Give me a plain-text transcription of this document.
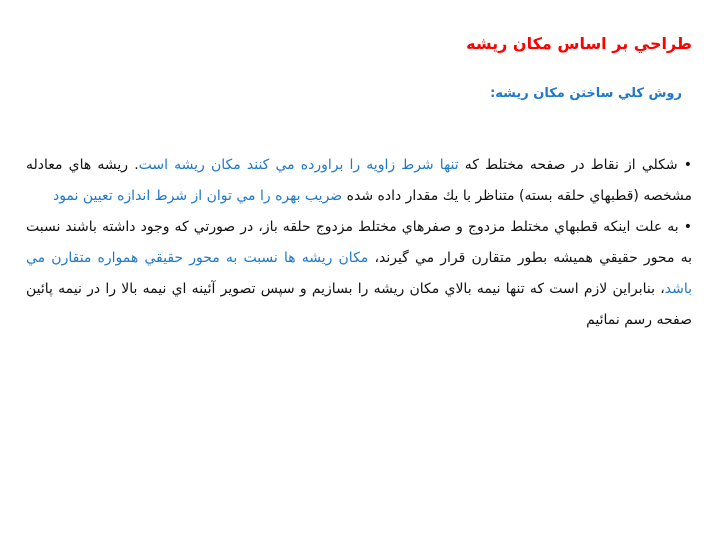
طراحي بر اساس مكان ريشه
روش كلي ساختن مكان ريشه:

• شكلي از نقاط در صفحه مختلط كه تنها شرط زاويه را براورده مي كنند مكان ريشه است. ريشه هاي معادله مشخصه (قطبهاي حلقه بسته) متناظر با يك مقدار داده شده ضريب بهره را مي توان از شرط اندازه تعيين نمود

• به علت اينكه قطبهاي مختلط مزدوج و صفرهاي مختلط مزدوج حلقه باز، در صورتي كه وجود داشته باشند نسبت به محور حقيقي هميشه بطور متقارن قرار مي گيرند، مكان ريشه ها نسبت به محور حقيقي همواره متقارن مي باشد، بنابراين لازم است كه تنها نيمه بالاي مكان ريشه را بسازيم و سپس تصوير آئينه اي نيمه بالا را در نيمه پائين صفحه رسم نمائيم
